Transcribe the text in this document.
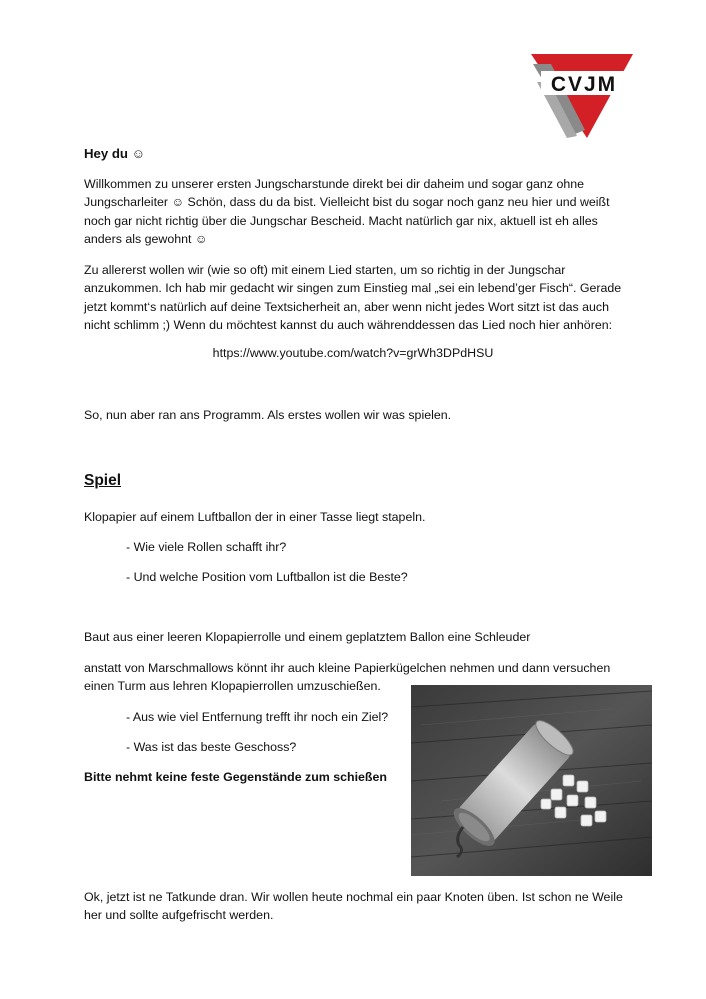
CVJM

Hey du ☺

Willkommen zu unserer ersten Jungscharstunde direkt bei dir daheim und sogar ganz ohne Jungscharleiter ☺ Schön, dass du da bist. Vielleicht bist du sogar noch ganz neu hier und weißt noch gar nicht richtig über die Jungschar Bescheid. Macht natürlich gar nix, aktuell ist eh alles anders als gewohnt ☺

Zu allererst wollen wir (wie so oft) mit einem Lied starten, um so richtig in der Jungschar anzukommen. Ich hab mir gedacht wir singen zum Einstieg mal „sei ein lebend’ger Fisch“. Gerade jetzt kommt‘s natürlich auf deine Textsicherheit an, aber wenn nicht jedes Wort sitzt ist das auch nicht schlimm ;) Wenn du möchtest kannst du auch währenddessen das Lied noch hier anhören:

https://www.youtube.com/watch?v=grWh3DPdHSU

So, nun aber ran ans Programm. Als erstes wollen wir was spielen.

Spiel

Klopapier auf einem Luftballon der in einer Tasse liegt stapeln.

- Wie viele Rollen schafft ihr?

- Und welche Position vom Luftballon ist die Beste?

Baut aus einer leeren Klopapierrolle und einem geplatztem Ballon eine Schleuder

anstatt von Marschmallows könnt ihr auch kleine Papierkügelchen nehmen und dann versuchen einen Turm aus lehren Klopapierrollen umzuschießen.

- Aus wie viel Entfernung trefft ihr noch ein Ziel?

- Was ist das beste Geschoss?

Bitte nehmt keine feste Gegenstände zum schießen

Ok, jetzt ist ne Tatkunde dran. Wir wollen heute nochmal ein paar Knoten üben. Ist schon ne Weile her und sollte aufgefrischt werden.
